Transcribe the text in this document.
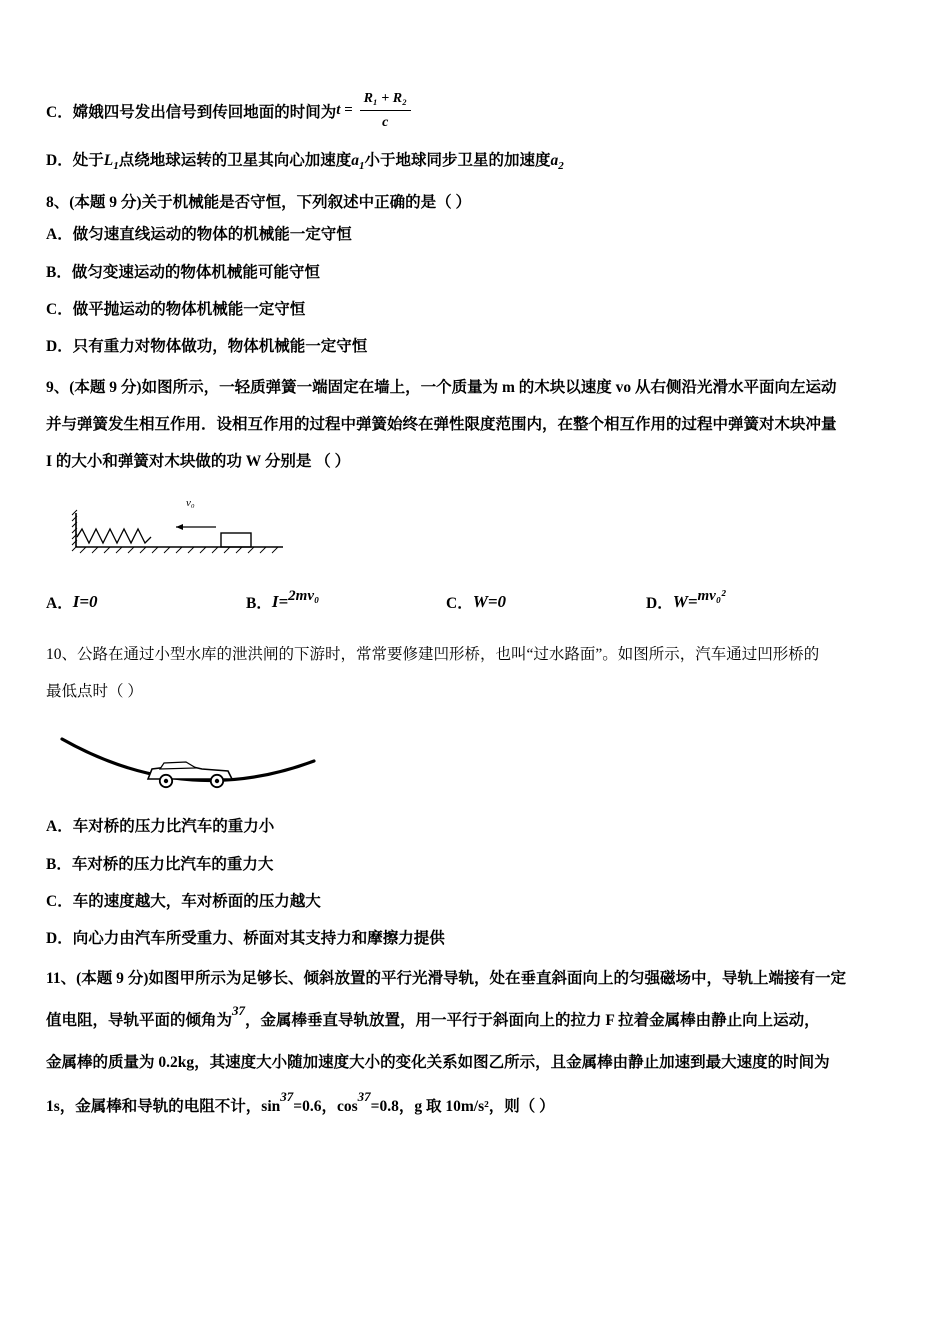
C． 嫦娥四号发出信号到传回地面的时间为 $t = \frac{\text{R₁ + R₂}}{c}$
D．处于$L_1$点绕地球运转的卫星其向心加速度$a_1$小于地球同步卫星的加速度$a_2$
8、(本题 9 分)关于机械能是否守恒，下列叙述中正确的是（ ）
A．做匀速直线运动的物体的机械能一定守恒
B．做匀变速运动的物体机械能可能守恒
C．做平抛运动的物体机械能一定守恒
D．只有重力对物体做功，物体机械能一定守恒
9、(本题 9 分)如图所示，一轻质弹簧一端固定在墙上，一个质量为 m 的木块以速度 vo 从右侧沿光滑水平面向左运动
并与弹簧发生相互作用．设相互作用的过程中弹簧始终在弹性限度范围内，在整个相互作用的过程中弹簧对木块冲量
I 的大小和弹簧对木块做的功 W 分别是 （ ）
v₀
A． I=0	B． I= 2mv₀	C． W=0	D． W= mv₀²
10、公路在通过小型水库的泄洪闸的下游时，常常要修建凹形桥，也叫“过水路面”。如图所示，汽车通过凹形桥的
最低点时（ ）
A．车对桥的压力比汽车的重力小
B．车对桥的压力比汽车的重力大
C．车的速度越大，车对桥面的压力越大
D．向心力由汽车所受重力、桥面对其支持力和摩擦力提供
11、(本题 9 分)如图甲所示为足够长、倾斜放置的平行光滑导轨，处在垂直斜面向上的匀强磁场中，导轨上端接有一定
值电阻，导轨平面的倾角为$^{37}$，金属棒垂直导轨放置，用一平行于斜面向上的拉力 F 拉着金属棒由静止向上运动，
金属棒的质量为 0.2kg，其速度大小随加速度大小的变化关系如图乙所示，且金属棒由静止加速到最大速度的时间为
1s，金属棒和导轨的电阻不计，$\sin^{37}=0.6$，$\cos^{37}=0.8$，g 取 10m/s²，则（ ）
